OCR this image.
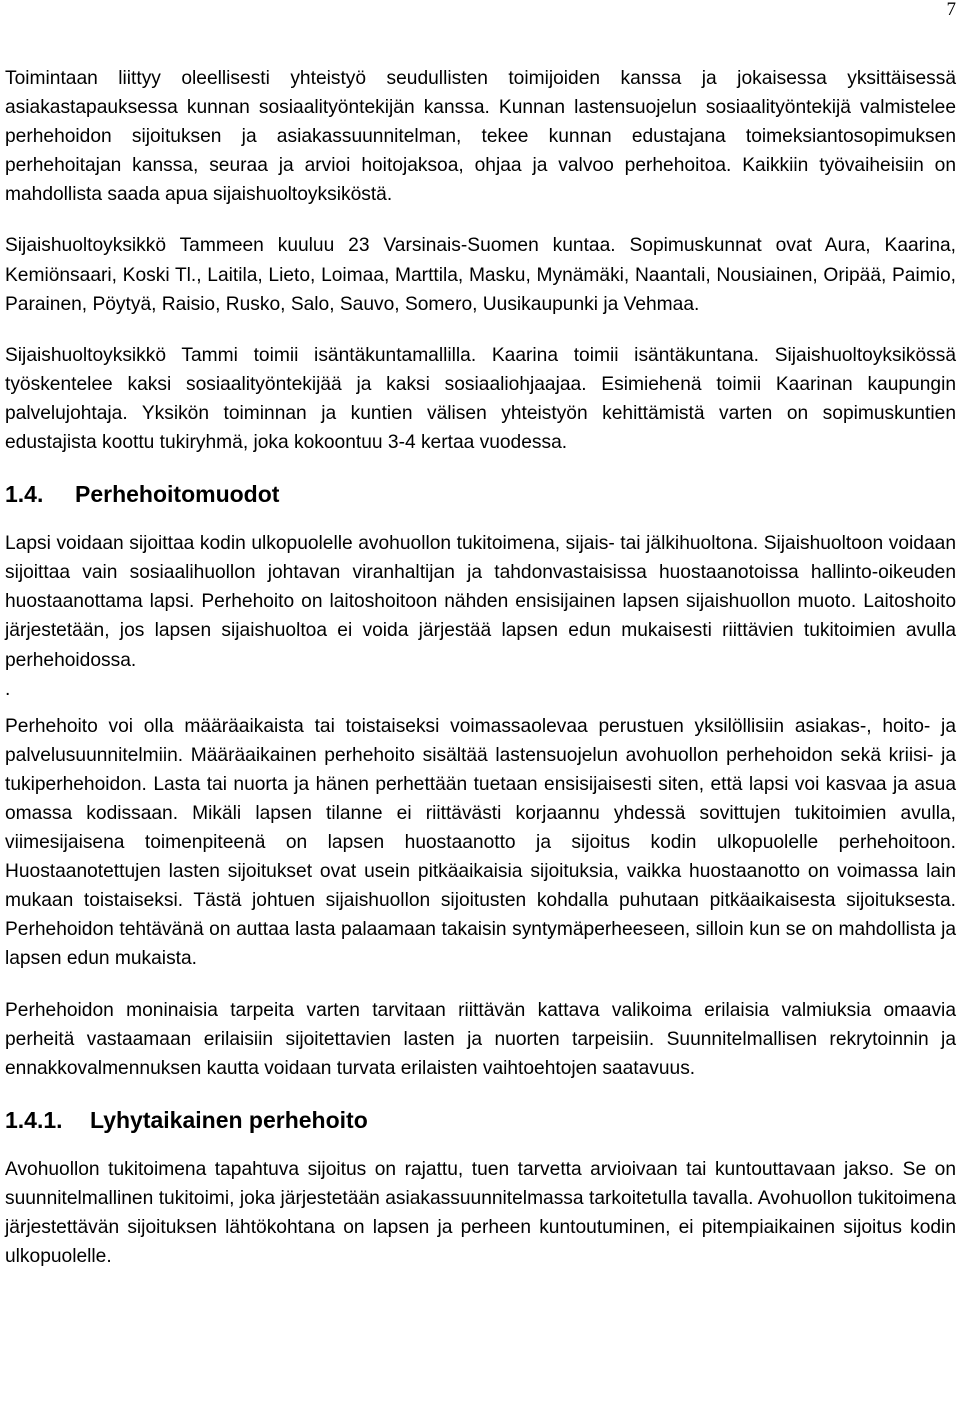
7

Toimintaan liittyy oleellisesti yhteistyö seudullisten toimijoiden kanssa ja jokaisessa yksittäisessä asiakastapauksessa kunnan sosiaalityöntekijän kanssa. Kunnan lastensuojelun sosiaalityöntekijä valmistelee perhehoidon sijoituksen ja asiakassuunnitelman, tekee kunnan edustajana toimeksiantosopimuksen perhehoitajan kanssa, seuraa ja arvioi hoitojaksoa, ohjaa ja valvoo perhehoitoa. Kaikkiin työvaiheisiin on mahdollista saada apua sijaishuoltoyksiköstä.

Sijaishuoltoyksikkö Tammeen kuuluu 23 Varsinais-Suomen kuntaa. Sopimuskunnat ovat Aura, Kaarina, Kemiönsaari, Koski Tl., Laitila, Lieto, Loimaa, Marttila, Masku, Mynämäki, Naantali, Nousiainen, Oripää, Paimio, Parainen, Pöytyä, Raisio, Rusko, Salo, Sauvo, Somero, Uusikaupunki ja Vehmaa.

Sijaishuoltoyksikkö Tammi toimii isäntäkuntamallilla. Kaarina toimii isäntäkuntana. Sijaishuoltoyksikössä työskentelee kaksi sosiaalityöntekijää ja kaksi sosiaaliohjaajaa. Esimiehenä toimii Kaarinan kaupungin palvelujohtaja. Yksikön toiminnan ja kuntien välisen yhteistyön kehittämistä varten on sopimuskuntien edustajista koottu tukiryhmä, joka kokoontuu 3-4 kertaa vuodessa.

1.4.	Perhehoitomuodot

Lapsi voidaan sijoittaa kodin ulkopuolelle avohuollon tukitoimena, sijais- tai jälkihuoltona. Sijaishuoltoon voidaan sijoittaa vain sosiaalihuollon johtavan viranhaltijan ja tahdonvastaisissa huostaanotoissa hallinto-oikeuden huostaanottama lapsi. Perhehoito on laitoshoitoon nähden ensisijainen lapsen sijaishuollon muoto. Laitoshoito järjestetään, jos lapsen sijaishuoltoa ei voida järjestää lapsen edun mukaisesti riittävien tukitoimien avulla perhehoidossa.

.

Perhehoito voi olla määräaikaista tai toistaiseksi voimassaolevaa perustuen yksilöllisiin asiakas-, hoito- ja palvelusuunnitelmiin. Määräaikainen perhehoito sisältää lastensuojelun avohuollon perhehoidon sekä kriisi- ja tukiperhehoidon. Lasta tai nuorta ja hänen perhettään tuetaan ensisijaisesti siten, että lapsi voi kasvaa ja asua omassa kodissaan. Mikäli lapsen tilanne ei riittävästi korjaannu yhdessä sovittujen tukitoimien avulla, viimesijaisena toimenpiteenä on lapsen huostaanotto ja sijoitus kodin ulkopuolelle perhehoitoon. Huostaanotettujen lasten sijoitukset ovat usein pitkäaikaisia sijoituksia, vaikka huostaanotto on voimassa lain mukaan toistaiseksi. Tästä johtuen sijaishuollon sijoitusten kohdalla puhutaan pitkäaikaisesta sijoituksesta. Perhehoidon tehtävänä on auttaa lasta palaamaan takaisin syntymäperheeseen, silloin kun se on mahdollista ja lapsen edun mukaista.

Perhehoidon moninaisia tarpeita varten tarvitaan riittävän kattava valikoima erilaisia valmiuksia omaavia perheitä vastaamaan erilaisiin sijoitettavien lasten ja nuorten tarpeisiin. Suunnitelmallisen rekrytoinnin ja ennakkovalmennuksen kautta voidaan turvata erilaisten vaihtoehtojen saatavuus.

1.4.1.	Lyhytaikainen perhehoito

Avohuollon tukitoimena tapahtuva sijoitus on rajattu, tuen tarvetta arvioivaan tai kuntouttavaan jakso. Se on suunnitelmallinen tukitoimi, joka järjestetään asiakassuunnitelmassa tarkoitetulla tavalla. Avohuollon tukitoimena järjestettävän sijoituksen lähtökohtana on lapsen ja perheen kuntoutuminen, ei pitempiaikainen sijoitus kodin ulkopuolelle.
